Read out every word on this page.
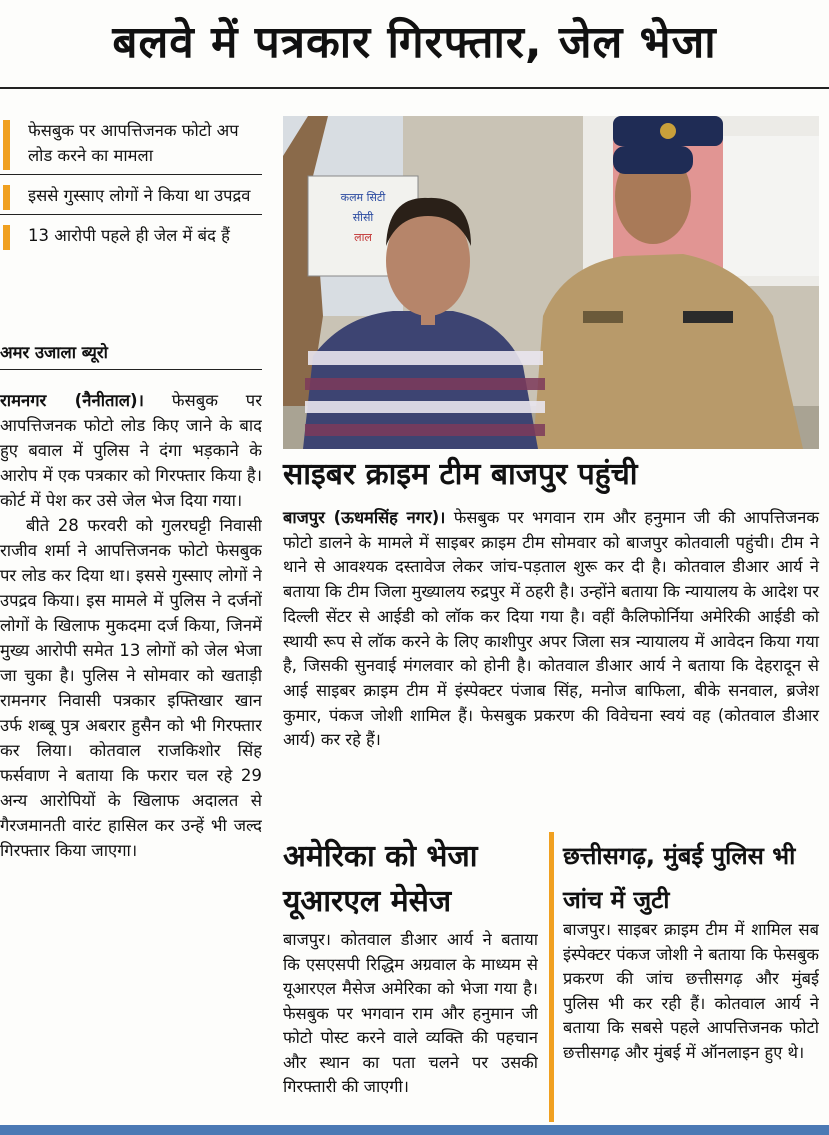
बलवे में पत्रकार गिरफ्तार, जेल भेजा
फेसबुक पर आपत्तिजनक फोटो अप लोड करने का मामला
इससे गुस्साए लोगों ने किया था उपद्रव
13 आरोपी पहले ही जेल में बंद हैं
अमर उजाला ब्यूरो

रामनगर (नैनीताल)। फेसबुक पर आपत्तिजनक फोटो लोड किए जाने के बाद हुए बवाल में पुलिस ने दंगा भड़काने के आरोप में एक पत्रकार को गिरफ्तार किया है। कोर्ट में पेश कर उसे जेल भेज दिया गया।

बीते 28 फरवरी को गुलरघट्टी निवासी राजीव शर्मा ने आपत्तिजनक फोटो फेसबुक पर लोड कर दिया था। इससे गुस्साए लोगों ने उपद्रव किया। इस मामले में पुलिस ने दर्जनों लोगों के खिलाफ मुकदमा दर्ज किया, जिनमें मुख्य आरोपी समेत 13 लोगों को जेल भेजा जा चुका है। पुलिस ने सोमवार को खताड़ी रामनगर निवासी पत्रकार इफ्तिखार खान उर्फ शब्बू पुत्र अबरार हुसैन को भी गिरफ्तार कर लिया। कोतवाल राजकिशोर सिंह फर्सवाण ने बताया कि फरार चल रहे 29 अन्य आरोपियों के खिलाफ अदालत से गैरजमानती वारंट हासिल कर उन्हें भी जल्द गिरफ्तार किया जाएगा।

कलम सिटी
सीसी
लाल
साइबर क्राइम टीम बाजपुर पहुंची

बाजपुर (ऊधमसिंह नगर)। फेसबुक पर भगवान राम और हनुमान जी की आपत्तिजनक फोटो डालने के मामले में साइबर क्राइम टीम सोमवार को बाजपुर कोतवाली पहुंची। टीम ने थाने से आवश्यक दस्तावेज लेकर जांच-पड़ताल शुरू कर दी है। कोतवाल डीआर आर्य ने बताया कि टीम जिला मुख्यालय रुद्रपुर में ठहरी है। उन्होंने बताया कि न्यायालय के आदेश पर दिल्ली सेंटर से आईडी को लॉक कर दिया गया है। वहीं कैलिफोर्निया अमेरिकी आईडी को स्थायी रूप से लॉक करने के लिए काशीपुर अपर जिला सत्र न्यायालय में आवेदन किया गया है, जिसकी सुनवाई मंगलवार को होनी है। कोतवाल डीआर आर्य ने बताया कि देहरादून से आई साइबर क्राइम टीम में इंस्पेक्टर पंजाब सिंह, मनोज बाफिला, बीके सनवाल, ब्रजेश कुमार, पंकज जोशी शामिल हैं। फेसबुक प्रकरण की विवेचना स्वयं वह (कोतवाल डीआर आर्य) कर रहे हैं।

अमेरिका को भेजा यूआरएल मेसेज

बाजपुर। कोतवाल डीआर आर्य ने बताया कि एसएसपी रिद्धिम अग्रवाल के माध्यम से यूआरएल मैसेज अमेरिका को भेजा गया है। फेसबुक पर भगवान राम और हनुमान जी फोटो पोस्ट करने वाले व्यक्ति की पहचान और स्थान का पता चलने पर उसकी गिरफ्तारी की जाएगी।

छत्तीसगढ़, मुंबई पुलिस भी जांच में जुटी

बाजपुर। साइबर क्राइम टीम में शामिल सब इंस्पेक्टर पंकज जोशी ने बताया कि फेसबुक प्रकरण की जांच छत्तीसगढ़ और मुंबई पुलिस भी कर रही हैं। कोतवाल आर्य ने बताया कि सबसे पहले आपत्तिजनक फोटो छत्तीसगढ़ और मुंबई में ऑनलाइन हुए थे।
